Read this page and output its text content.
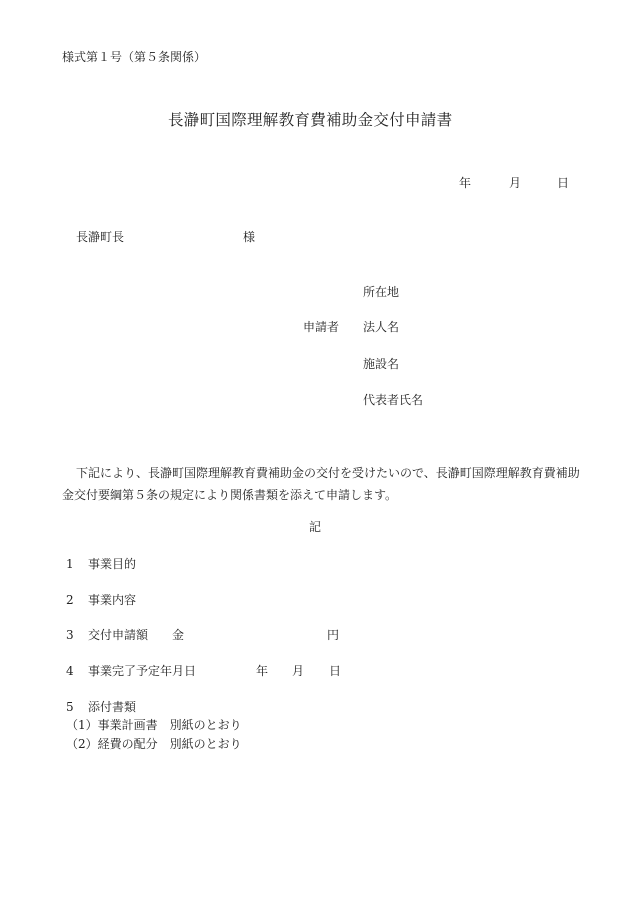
様式第１号（第５条関係）
長瀞町国際理解教育費補助金交付申請書
年	月	日
長瀞町長	様
所在地
申請者 法人名
施設名
代表者氏名
下記により、長瀞町国際理解教育費補助金の交付を受けたいので、長瀞町国際理解教育費補助金交付要綱第５条の規定により関係書類を添えて申請します。
記
1 事業目的
2 事業内容
3 交付申請額 金	円
4 事業完了予定年月日	年 月 日
5 添付書類
（1）事業計画書　別紙のとおり
（2）経費の配分　別紙のとおり
